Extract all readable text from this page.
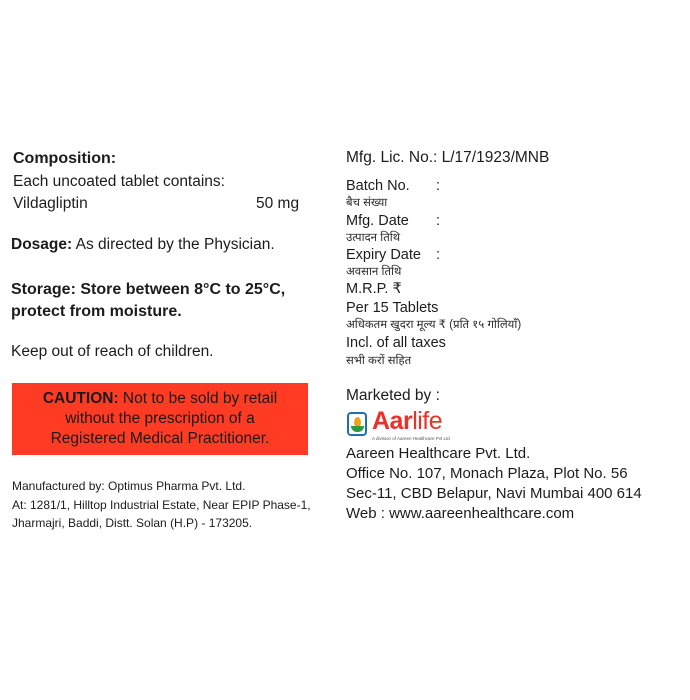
Composition:
Each uncoated tablet contains:
Vildagliptin	50 mg
Dosage: As directed by the Physician.
Storage: Store between 8°C to 25°C, protect from moisture.
Keep out of reach of children.
CAUTION: Not to be sold by retail
without the prescription of a
Registered Medical Practitioner.
Manufactured by: Optimus Pharma Pvt. Ltd.
At: 1281/1, Hilltop Industrial Estate, Near EPIP Phase-1,
Jharmajri, Baddi, Distt. Solan (H.P) - 173205.
Mfg. Lic. No.: L/17/1923/MNB
Batch No. :
बैच संख्या
Mfg. Date :
उत्पादन तिथि
Expiry Date :
अवसान तिथि
M.R.P. ₹
Per 15 Tablets
अधिकतम खुदरा मूल्य ₹ (प्रति १५ गोलियाँ)
Incl. of all taxes
सभी करों सहित
Marketed by :
Aarlife
A division of Aareen Healthcare Pvt Ltd
Aareen Healthcare Pvt. Ltd.
Office No. 107, Monach Plaza, Plot No. 56
Sec-11, CBD Belapur, Navi Mumbai 400 614
Web : www.aareenhealthcare.com
